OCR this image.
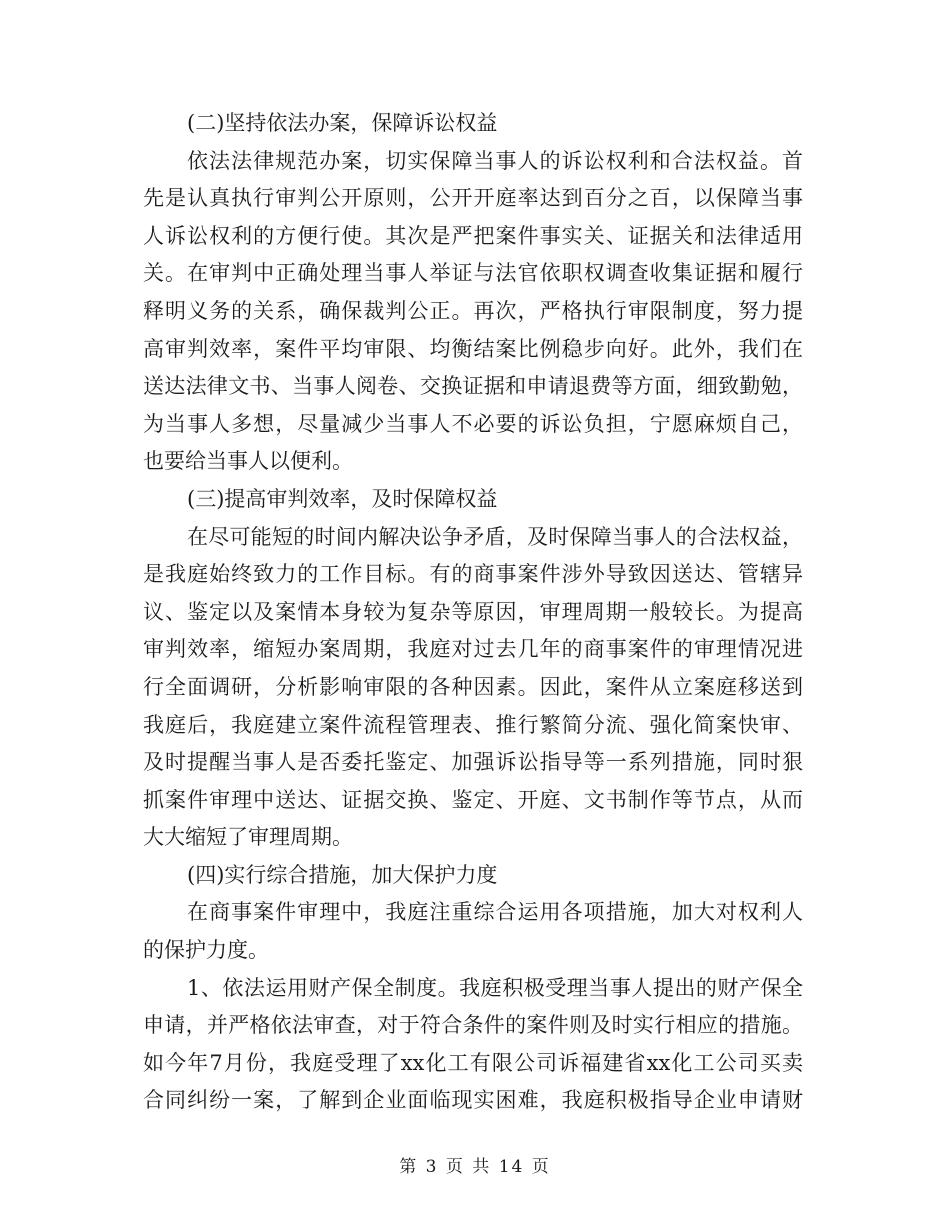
(二)坚持依法办案，保障诉讼权益
依法法律规范办案，切实保障当事人的诉讼权利和合法权益。首
先是认真执行审判公开原则，公开开庭率达到百分之百，以保障当事
人诉讼权利的方便行使。其次是严把案件事实关、证据关和法律适用
关。在审判中正确处理当事人举证与法官依职权调查收集证据和履行
释明义务的关系，确保裁判公正。再次，严格执行审限制度，努力提
高审判效率，案件平均审限、均衡结案比例稳步向好。此外，我们在
送达法律文书、当事人阅卷、交换证据和申请退费等方面，细致勤勉，
为当事人多想，尽量减少当事人不必要的诉讼负担，宁愿麻烦自己，
也要给当事人以便利。
(三)提高审判效率，及时保障权益
在尽可能短的时间内解决讼争矛盾，及时保障当事人的合法权益，
是我庭始终致力的工作目标。有的商事案件涉外导致因送达、管辖异
议、鉴定以及案情本身较为复杂等原因，审理周期一般较长。为提高
审判效率，缩短办案周期，我庭对过去几年的商事案件的审理情况进
行全面调研，分析影响审限的各种因素。因此，案件从立案庭移送到
我庭后，我庭建立案件流程管理表、推行繁简分流、强化简案快审、
及时提醒当事人是否委托鉴定、加强诉讼指导等一系列措施，同时狠
抓案件审理中送达、证据交换、鉴定、开庭、文书制作等节点，从而
大大缩短了审理周期。
(四)实行综合措施，加大保护力度
在商事案件审理中，我庭注重综合运用各项措施，加大对权利人
的保护力度。
1、依法运用财产保全制度。我庭积极受理当事人提出的财产保全
申请，并严格依法审查，对于符合条件的案件则及时实行相应的措施。
如今年7月份，我庭受理了xx化工有限公司诉福建省xx化工公司买卖
合同纠纷一案，了解到企业面临现实困难，我庭积极指导企业申请财
第 3 页 共 14 页
